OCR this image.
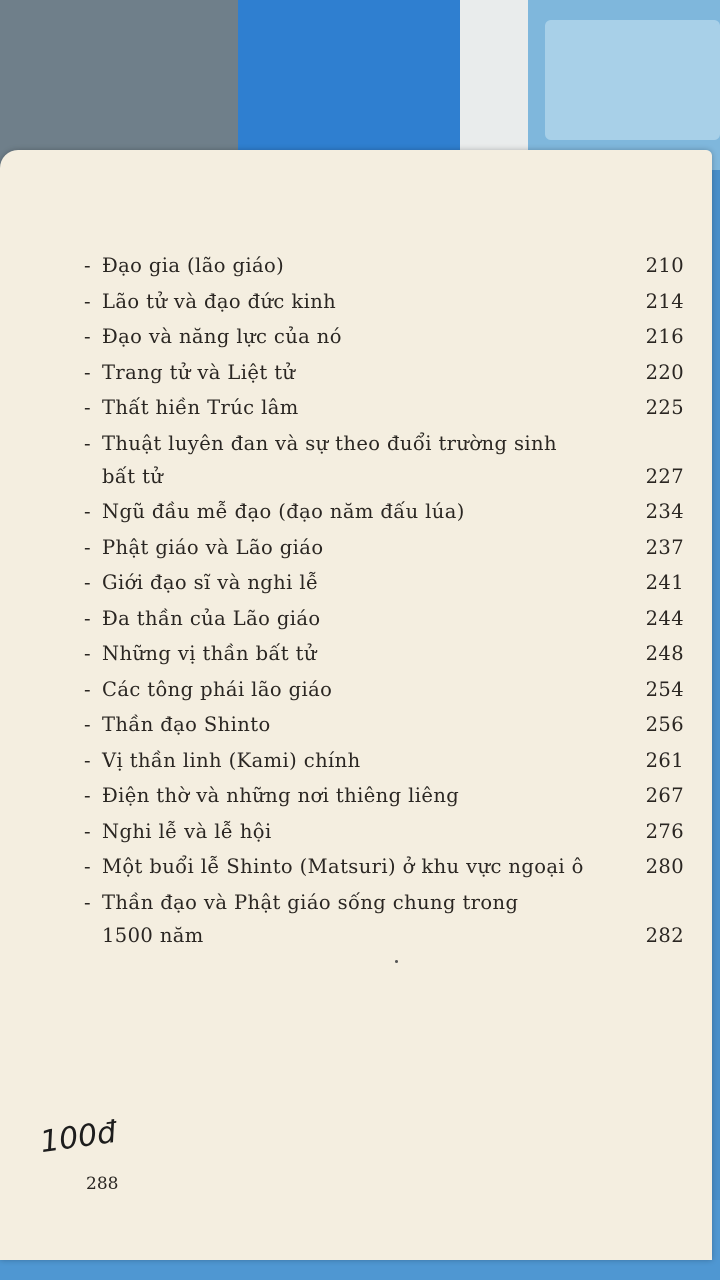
- Đạo gia (lão giáo)	210
- Lão tử và đạo đức kinh	214
- Đạo và năng lực của nó	216
- Trang tử và Liệt tử	220
- Thất hiền Trúc lâm	225
- Thuật luyên đan và sự theo đuổi trường sinh
bất tử	227
- Ngũ đầu mễ đạo (đạo năm đấu lúa)	234
- Phật giáo và Lão giáo	237
- Giới đạo sĩ và nghi lễ	241
- Đa thần của Lão giáo	244
- Những vị thần bất tử	248
- Các tông phái lão giáo	254
- Thần đạo Shinto	256
- Vị thần linh (Kami) chính	261
- Điện thờ và những nơi thiêng liêng	267
- Nghi lễ và lễ hội	276
- Một buổi lễ Shinto (Matsuri) ở khu vực ngoại ô	280
- Thần đạo và Phật giáo sống chung trong
1500 năm	282
100đ
288
